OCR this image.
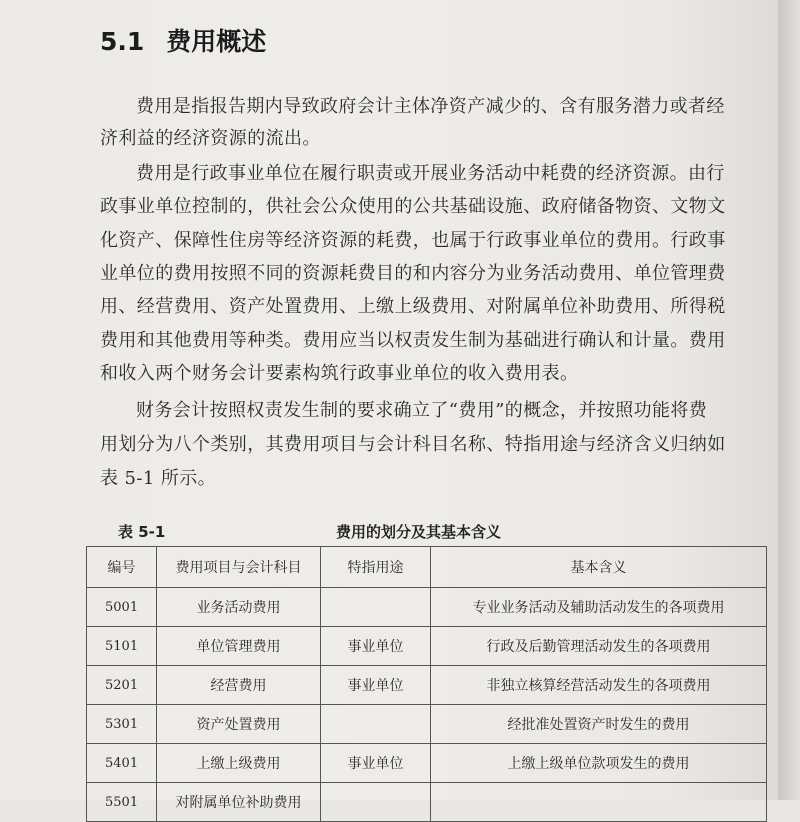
5.1 费用概述
费用是指报告期内导致政府会计主体净资产减少的、含有服务潜力或者经
济利益的经济资源的流出。
费用是行政事业单位在履行职责或开展业务活动中耗费的经济资源。由行
政事业单位控制的，供社会公众使用的公共基础设施、政府储备物资、文物文
化资产、保障性住房等经济资源的耗费，也属于行政事业单位的费用。行政事
业单位的费用按照不同的资源耗费目的和内容分为业务活动费用、单位管理费
用、经营费用、资产处置费用、上缴上级费用、对附属单位补助费用、所得税
费用和其他费用等种类。费用应当以权责发生制为基础进行确认和计量。费用
和收入两个财务会计要素构筑行政事业单位的收入费用表。
财务会计按照权责发生制的要求确立了“费用”的概念，并按照功能将费
用划分为八个类别，其费用项目与会计科目名称、特指用途与经济含义归纳如
表 5-1 所示。
表 5-1	费用的划分及其基本含义
编号	费用项目与会计科目	特指用途	基本含义
5001	业务活动费用		专业业务活动及辅助活动发生的各项费用
5101	单位管理费用	事业单位	行政及后勤管理活动发生的各项费用
5201	经营费用	事业单位	非独立核算经营活动发生的各项费用
5301	资产处置费用		经批准处置资产时发生的费用
5401	上缴上级费用	事业单位	上缴上级单位款项发生的费用
5501	对附属单位补助费用		
